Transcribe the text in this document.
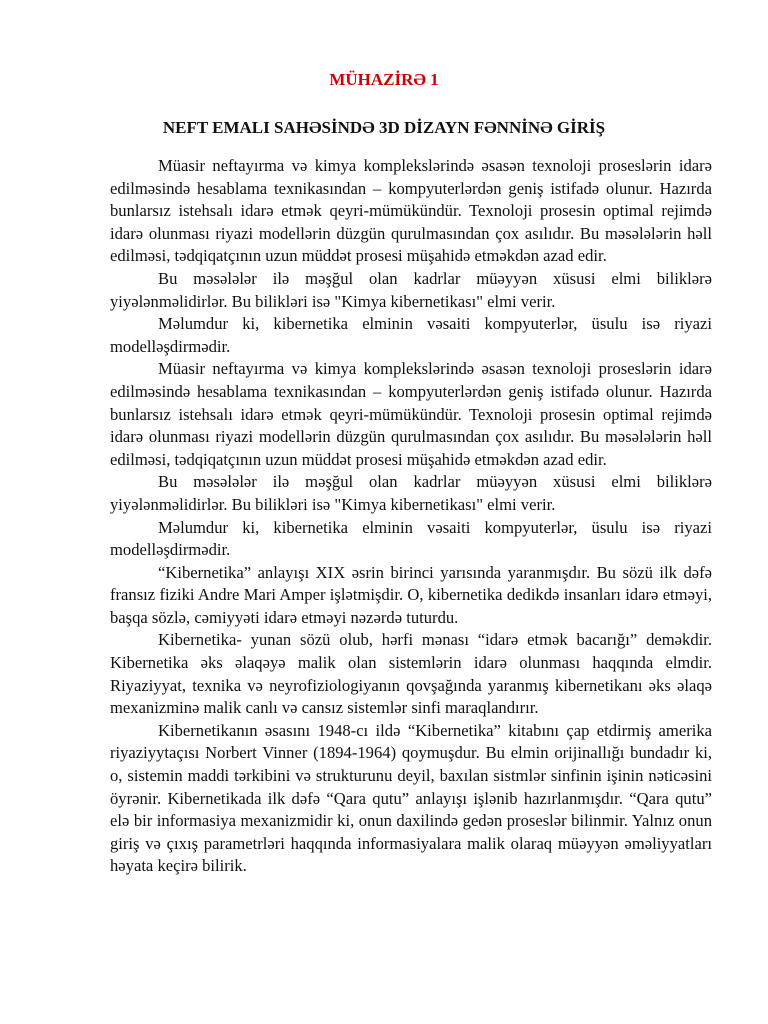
MÜHAZİRƏ 1
NEFT EMALI SAHƏSİNDƏ 3D DİZAYN FƏNNİNƏ GİRİŞ

Müasir neftayırma və kimya komplekslərində əsasən texnoloji proseslərin idarə edilməsində hesablama texnikasından – kompyuterlərdən geniş istifadə olunur. Hazırda bunlarsız istehsalı idarə etmək qeyri-mümükündür. Texnoloji prosesin optimal rejimdə idarə olunması riyazi modellərin düzgün qurulmasından çox asılıdır. Bu məsələlərin həll edilməsi, tədqiqatçının uzun müddət prosesi müşahidə etməkdən azad edir.

Bu məsələlər ilə məşğul olan kadrlar müəyyən xüsusi elmi biliklərə yiyələnməlidirlər. Bu bilikləri isə "Kimya kibernetikası" elmi verir.

Məlumdur ki, kibernetika elminin vəsaiti kompyuterlər, üsulu isə riyazi modelləşdirmədir.

Müasir neftayırma və kimya komplekslərində əsasən texnoloji proseslərin idarə edilməsində hesablama texnikasından – kompyuterlərdən geniş istifadə olunur. Hazırda bunlarsız istehsalı idarə etmək qeyri-mümükündür. Texnoloji prosesin optimal rejimdə idarə olunması riyazi modellərin düzgün qurulmasından çox asılıdır. Bu məsələlərin həll edilməsi, tədqiqatçının uzun müddət prosesi müşahidə etməkdən azad edir.

Bu məsələlər ilə məşğul olan kadrlar müəyyən xüsusi elmi biliklərə yiyələnməlidirlər. Bu bilikləri isə "Kimya kibernetikası" elmi verir.

Məlumdur ki, kibernetika elminin vəsaiti kompyuterlər, üsulu isə riyazi modelləşdirmədir.

“Kibernetika” anlayışı XIX əsrin birinci yarısında yaranmışdır. Bu sözü ilk dəfə fransız fiziki Andre Mari Amper işlətmişdir. O, kibernetika dedikdə insanları idarə etməyi, başqa sözlə, cəmiyyəti idarə etməyi nəzərdə tuturdu.

Kibernetika- yunan sözü olub, hərfi mənası “idarə etmək bacarığı” deməkdir. Kibernetika əks əlaqəyə malik olan sistemlərin idarə olunması haqqında elmdir. Riyaziyyat, texnika və neyrofiziologiyanın qovşağında yaranmış kibernetikanı əks əlaqə mexanizminə malik canlı və cansız sistemlər sinfi maraqlandırır.

Kibernetikanın əsasını 1948-cı ildə “Kibernetika” kitabını çap etdirmiş amerika riyaziyytaçısı Norbert Vinner (1894-1964) qoymuşdur. Bu elmin orijinallığı bundadır ki, o, sistemin maddi tərkibini və strukturunu deyil, baxılan sistmlər sinfinin işinin nəticəsini öyrənir. Kibernetikada ilk dəfə “Qara qutu” anlayışı işlənib hazırlanmışdır. “Qara qutu” elə bir informasiya mexanizmidir ki, onun daxilində gedən proseslər bilinmir. Yalnız onun giriş və çıxış parametrləri haqqında informasiyalara malik olaraq müəyyən əməliyyatları həyata keçirə bilirik.
